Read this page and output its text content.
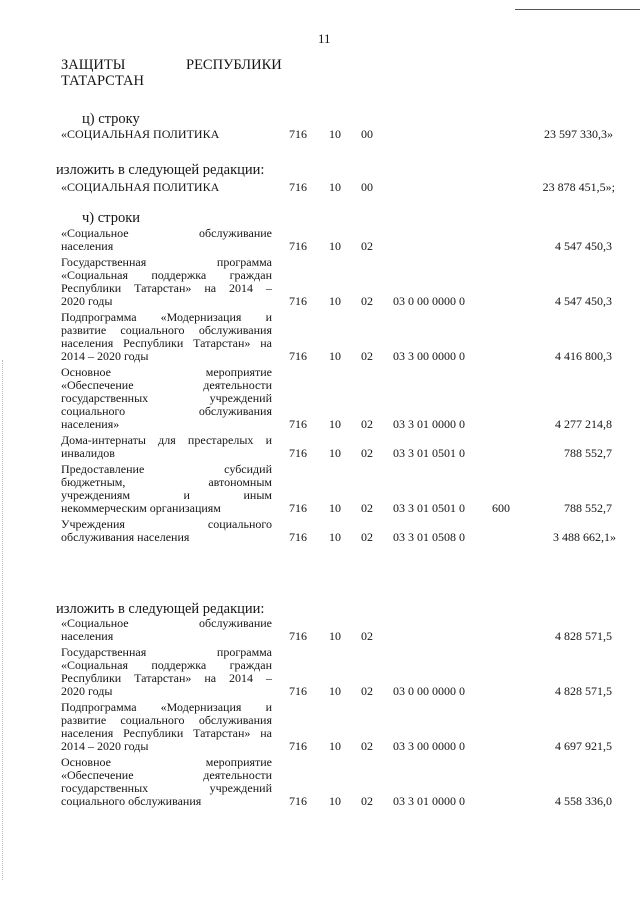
11
ЗАЩИТЫ	РЕСПУБЛИКИ
ТАТАРСТАН
ц) строку
«СОЦИАЛЬНАЯ ПОЛИТИКА	716 10 00	23 597 330,3»
изложить в следующей редакции:
«СОЦИАЛЬНАЯ ПОЛИТИКА	716 10 00	23 878 451,5»;
ч) строки
«Социальное обслуживание
населения	716 10 02	4 547 450,3
Государственная программа
«Социальная поддержка граждан
Республики Татарстан» на 2014 –
2020 годы	716 10 02 03 0 00 0000 0	4 547 450,3
Подпрограмма «Модернизация и
развитие социального обслуживания
населения Республики Татарстан» на
2014 – 2020 годы	716 10 02 03 3 00 0000 0	4 416 800,3
Основное мероприятие
«Обеспечение деятельности
государственных учреждений
социального обслуживания
населения»	716 10 02 03 3 01 0000 0	4 277 214,8
Дома-интернаты для престарелых и
инвалидов	716 10 02 03 3 01 0501 0	788 552,7
Предоставление субсидий
бюджетным, автономным
учреждениям и иным
некоммерческим организациям	716 10 02 03 3 01 0501 0 600	788 552,7
Учреждения социального
обслуживания населения	716 10 02 03 3 01 0508 0	3 488 662,1»
изложить в следующей редакции:
«Социальное обслуживание
населения	716 10 02	4 828 571,5
Государственная программа
«Социальная поддержка граждан
Республики Татарстан» на 2014 –
2020 годы	716 10 02 03 0 00 0000 0	4 828 571,5
Подпрограмма «Модернизация и
развитие социального обслуживания
населения Республики Татарстан» на
2014 – 2020 годы	716 10 02 03 3 00 0000 0	4 697 921,5
Основное мероприятие
«Обеспечение деятельности
государственных учреждений
социального обслуживания	716 10 02 03 3 01 0000 0	4 558 336,0
